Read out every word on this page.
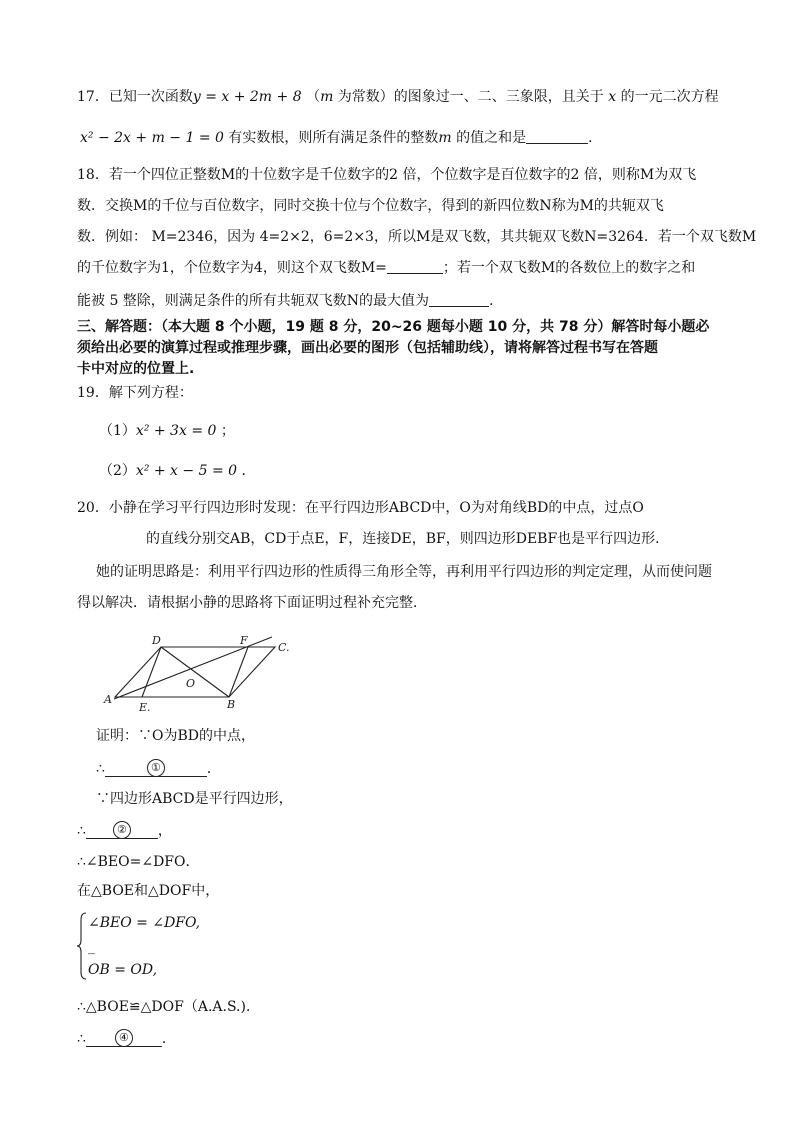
17．已知一次函数y = x + 2m + 8 （m 为常数）的图象过一、二、三象限，且关于 x 的一元二次方程
x² − 2x + m − 1 = 0 有实数根，则所有满足条件的整数m 的值之和是	．
18．若一个四位正整数M的十位数字是千位数字的2 倍，个位数字是百位数字的2 倍，则称M为双飞
数．交换M的千位与百位数字，同时交换十位与个位数字，得到的新四位数N称为M的共轭双飞
数．例如： M=2346，因为 4=2×2，6=2×3，所以M是双飞数，其共轭双飞数N=3264．若一个双飞数M
的千位数字为1，个位数字为4，则这个双飞数M=	；若一个双飞数M的各数位上的数字之和
能被 5 整除，则满足条件的所有共轭双飞数N的最大值为	．
三、解答题：（本大题 8 个小题，19 题 8 分，20~26 题每小题 10 分，共 78 分）解答时每小题必
须给出必要的演算过程或推理步骤，画出必要的图形（包括辅助线），请将解答过程书写在答题
卡中对应的位置上.
19．解下列方程：
（1）x² + 3x = 0 ；
（2）x² + x − 5 = 0 ．
20．小静在学习平行四边形时发现：在平行四边形ABCD中，O为对角线BD的中点，过点O
的直线分别交AB，CD于点E，F，连接DE，BF，则四边形DEBF也是平行四边形．
她的证明思路是：利用平行四边形的性质得三角形全等，再利用平行四边形的判定定理，从而使问题
得以解决．请根据小静的思路将下面证明过程补充完整．
A	B
C.
D
E.
F
O
证明：∵O为BD的中点，
∴	①	．
∵四边形ABCD是平行四边形，
∴	② ，
∴∠BEO=∠DFO．
在△BOE和△DOF中，
∠BEO = ∠DFO,
_
OB = OD,
∴△BOE≌△DOF（A.A.S.)．
∴	④ ．
